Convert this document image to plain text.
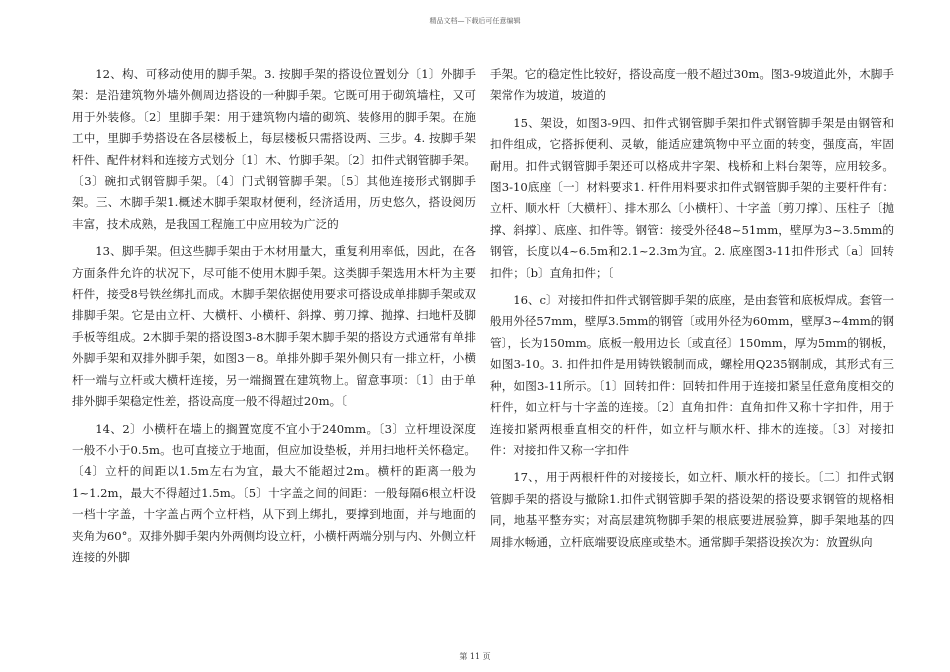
精品文档—下载后可任意编辑

12、构、可移动使用的脚手架。3. 按脚手架的搭设位置划分〔1〕外脚手架：是沿建筑物外墙外侧周边搭设的一种脚手架。它既可用于砌筑墙柱，又可用于外装修。〔2〕里脚手架：用于建筑物内墙的砌筑、装修用的脚手架。在施工中，里脚手势搭设在各层楼板上，每层楼板只需搭设两、三步。4. 按脚手架杆件、配件材料和连接方式划分〔1〕木、竹脚手架。〔2〕扣件式钢管脚手架。〔3〕碗扣式钢管脚手架。〔4〕门式钢管脚手架。〔5〕其他连接形式钢脚手架。三、木脚手架1.概述木脚手架取材便利，经济适用，历史悠久，搭设阅历丰富，技术成熟，是我国工程施工中应用较为广泛的

13、脚手架。但这些脚手架由于木材用量大，重复利用率低，因此，在各方面条件允许的状况下，尽可能不使用木脚手架。这类脚手架选用木杆为主要杆件，接受8号铁丝绑扎而成。木脚手架依据使用要求可搭设成单排脚手架或双排脚手架。它是由立杆、大横杆、小横杆、斜撑、剪刀撑、抛撑、扫地杆及脚手板等组成。2木脚手架的搭设图3-8木脚手架木脚手架的搭设方式通常有单排外脚手架和双排外脚手架，如图3－8。单排外脚手架外侧只有一排立杆，小横杆一端与立杆或大横杆连接，另一端搁置在建筑物上。留意事项：〔1〕由于单排外脚手架稳定性差，搭设高度一般不得超过20m。〔

14、2〕小横杆在墙上的搁置宽度不宜小于240mm。〔3〕立杆埋设深度一般不小于0.5m。也可直接立于地面，但应加设垫板，并用扫地杆关怀稳定。〔4〕立杆的间距以1.5m左右为宜，最大不能超过2m。横杆的距离一般为1~1.2m，最大不得超过1.5m。〔5〕十字盖之间的间距：一般每隔6根立杆设一档十字盖，十字盖占两个立杆档，从下到上绑扎，要撑到地面，并与地面的夹角为60°。双排外脚手架内外两侧均设立杆，小横杆两端分别与内、外侧立杆连接的外脚

手架。它的稳定性比较好，搭设高度一般不超过30m。图3-9坡道此外，木脚手架常作为坡道，坡道的

15、架设，如图3-9四、扣件式钢管脚手架扣件式钢管脚手架是由钢管和扣件组成，它搭拆便利、灵敏，能适应建筑物中平立面的转变，强度高，牢固耐用。扣件式钢管脚手架还可以格成井字架、栈桥和上料台架等，应用较多。图3-10底座〔一〕材料要求1. 杆件用料要求扣件式钢管脚手架的主要杆件有：立杆、顺水杆〔大横杆〕、排木那么〔小横杆〕、十字盖〔剪刀撑〕、压柱子〔抛撑、斜撑〕、底座、扣件等。钢管：接受外径48~51mm，壁厚为3~3.5mm的钢管，长度以4~6.5m和2.1~2.3m为宜。2. 底座图3-11扣件形式〔a〕回转扣件；〔b〕直角扣件；〔

16、c〕对接扣件扣件式钢管脚手架的底座，是由套管和底板焊成。套管一般用外径57mm，壁厚3.5mm的钢管〔或用外径为60mm，壁厚3~4mm的钢管〕，长为150mm。底板一般用边长〔或直径〕150mm，厚为5mm的钢板，如图3-10。3. 扣件扣件是用铸铁锻制而成，螺栓用Q235钢制成，其形式有三种，如图3-11所示。〔1〕回转扣件：回转扣件用于连接扣紧呈任意角度相交的杆件，如立杆与十字盖的连接。〔2〕直角扣件：直角扣件又称十字扣件，用于连接扣紧两根垂直相交的杆件，如立杆与顺水杆、排木的连接。〔3〕对接扣件：对接扣件又称一字扣件

17、，用于两根杆件的对接接长，如立杆、顺水杆的接长。〔二〕扣件式钢管脚手架的搭设与撤除1.扣件式钢管脚手架的搭设架的搭设要求钢管的规格相同，地基平整夯实；对高层建筑物脚手架的根底要进展验算，脚手架地基的四周排水畅通，立杆底端要设底座或垫木。通常脚手架搭设挨次为：放置纵向

第 11 页
